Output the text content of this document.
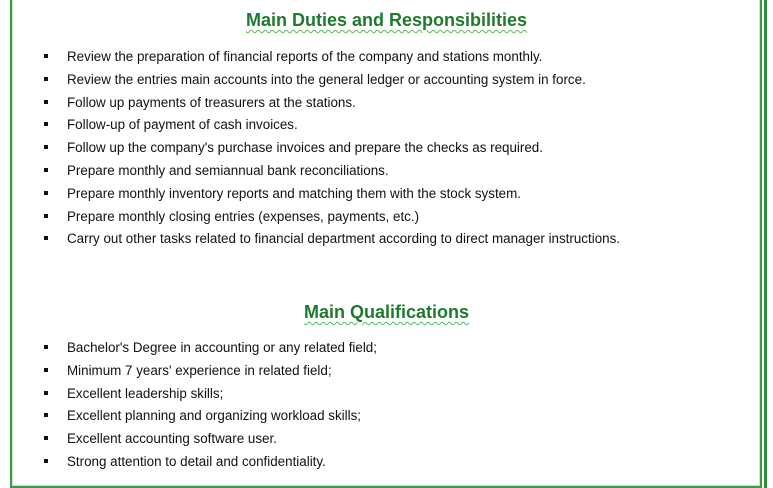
Main Duties and Responsibilities
Review the preparation of financial reports of the company and stations monthly.
Review the entries main accounts into the general ledger or accounting system in force.
Follow up payments of treasurers at the stations.
Follow-up of payment of cash invoices.
Follow up the company's purchase invoices and prepare the checks as required.
Prepare monthly and semiannual bank reconciliations.
Prepare monthly inventory reports and matching them with the stock system.
Prepare monthly closing entries (expenses, payments, etc.)
Carry out other tasks related to financial department according to direct manager instructions.
Main Qualifications
Bachelor's Degree in accounting or any related field;
Minimum 7 years' experience in related field;
Excellent leadership skills;
Excellent planning and organizing workload skills;
Excellent accounting software user.
Strong attention to detail and confidentiality.
